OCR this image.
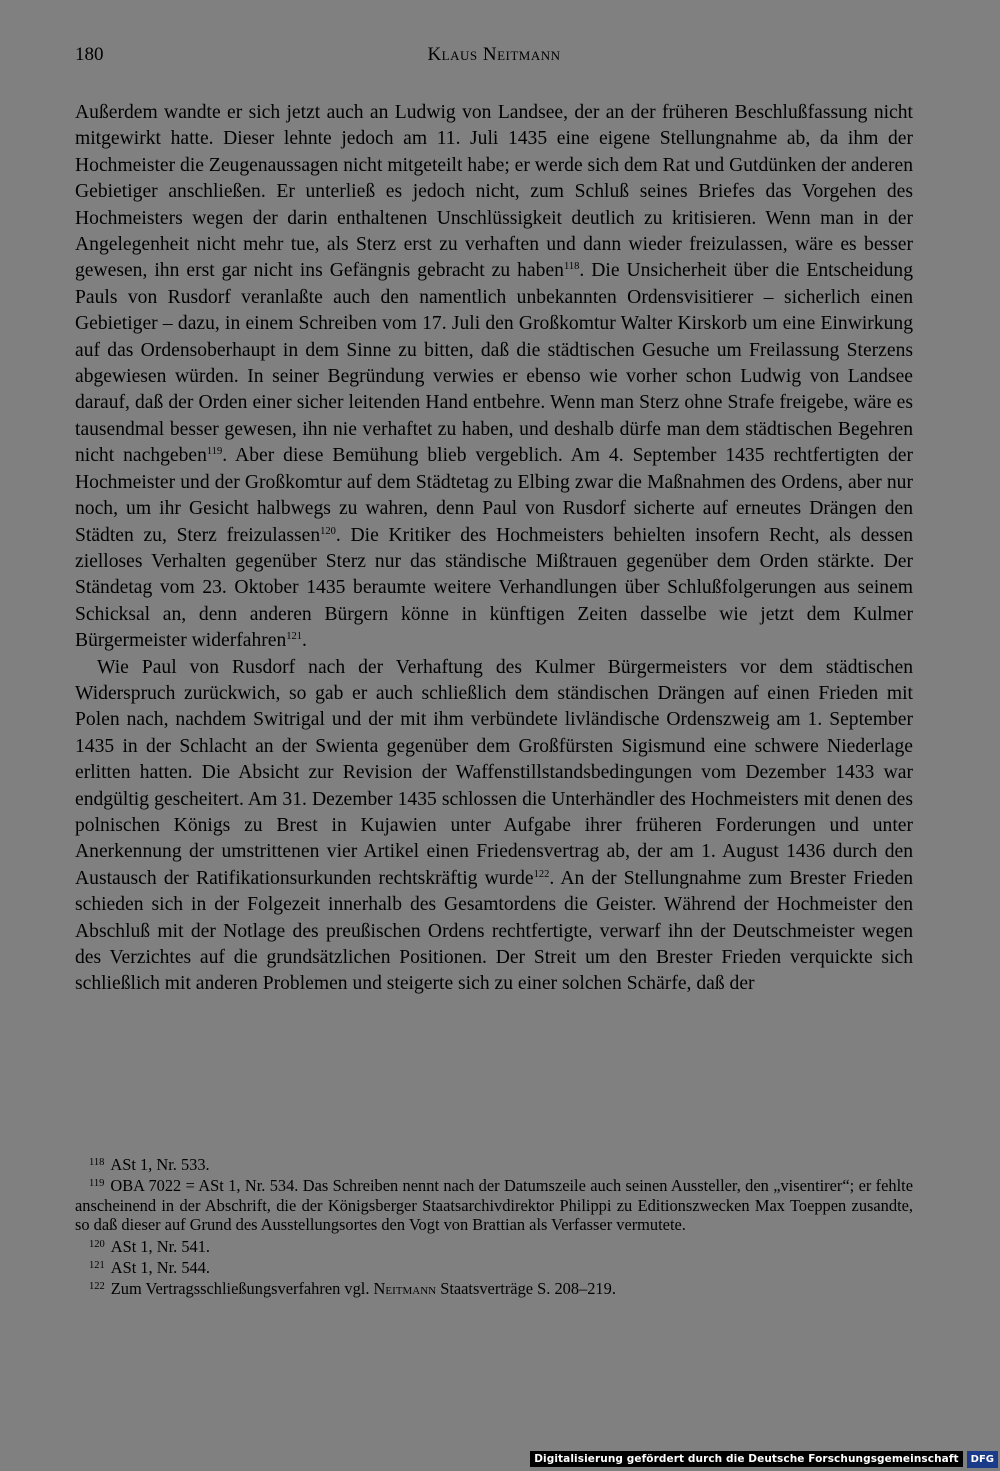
180	Klaus Neitmann

Außerdem wandte er sich jetzt auch an Ludwig von Landsee, der an der früheren Beschlußfassung nicht mitgewirkt hatte. Dieser lehnte jedoch am 11. Juli 1435 eine eigene Stellungnahme ab, da ihm der Hochmeister die Zeugenaussagen nicht mitgeteilt habe; er werde sich dem Rat und Gutdünken der anderen Gebietiger anschließen. Er unterließ es jedoch nicht, zum Schluß seines Briefes das Vorgehen des Hochmeisters wegen der darin enthaltenen Unschlüssigkeit deutlich zu kritisieren. Wenn man in der Angelegenheit nicht mehr tue, als Sterz erst zu verhaften und dann wieder freizulassen, wäre es besser gewesen, ihn erst gar nicht ins Gefängnis gebracht zu haben$^{118}$. Die Unsicherheit über die Entscheidung Pauls von Rusdorf veranlaßte auch den namentlich unbekannten Ordensvisitierer – sicherlich einen Gebietiger – dazu, in einem Schreiben vom 17. Juli den Großkomtur Walter Kirskorb um eine Einwirkung auf das Ordensoberhaupt in dem Sinne zu bitten, daß die städtischen Gesuche um Freilassung Sterzens abgewiesen würden. In seiner Begründung verwies er ebenso wie vorher schon Ludwig von Landsee darauf, daß der Orden einer sicher leitenden Hand entbehre. Wenn man Sterz ohne Strafe freigebe, wäre es tausendmal besser gewesen, ihn nie verhaftet zu haben, und deshalb dürfe man dem städtischen Begehren nicht nachgeben$^{119}$. Aber diese Bemühung blieb vergeblich. Am 4. September 1435 rechtfertigten der Hochmeister und der Großkomtur auf dem Städtetag zu Elbing zwar die Maßnahmen des Ordens, aber nur noch, um ihr Gesicht halbwegs zu wahren, denn Paul von Rusdorf sicherte auf erneutes Drängen den Städten zu, Sterz freizulassen$^{120}$. Die Kritiker des Hochmeisters behielten insofern Recht, als dessen zielloses Verhalten gegenüber Sterz nur das ständische Mißtrauen gegenüber dem Orden stärkte. Der Ständetag vom 23. Oktober 1435 beraumte weitere Verhandlungen über Schlußfolgerungen aus seinem Schicksal an, denn anderen Bürgern könne in künftigen Zeiten dasselbe wie jetzt dem Kulmer Bürgermeister widerfahren$^{121}$.

Wie Paul von Rusdorf nach der Verhaftung des Kulmer Bürgermeisters vor dem städtischen Widerspruch zurückwich, so gab er auch schließlich dem ständischen Drängen auf einen Frieden mit Polen nach, nachdem Switrigal und der mit ihm verbündete livländische Ordenszweig am 1. September 1435 in der Schlacht an der Swienta gegenüber dem Großfürsten Sigismund eine schwere Niederlage erlitten hatten. Die Absicht zur Revision der Waffenstillstandsbedingungen vom Dezember 1433 war endgültig gescheitert. Am 31. Dezember 1435 schlossen die Unterhändler des Hochmeisters mit denen des polnischen Königs zu Brest in Kujawien unter Aufgabe ihrer früheren Forderungen und unter Anerkennung der umstrittenen vier Artikel einen Friedensvertrag ab, der am 1. August 1436 durch den Austausch der Ratifikationsurkunden rechtskräftig wurde$^{122}$. An der Stellungnahme zum Brester Frieden schieden sich in der Folgezeit innerhalb des Gesamtordens die Geister. Während der Hochmeister den Abschluß mit der Notlage des preußischen Ordens rechtfertigte, verwarf ihn der Deutschmeister wegen des Verzichtes auf die grundsätzlichen Positionen. Der Streit um den Brester Frieden verquickte sich schließlich mit anderen Problemen und steigerte sich zu einer solchen Schärfe, daß der

$^{118}$ ASt 1, Nr. 533.
$^{119}$ OBA 7022 = ASt 1, Nr. 534. Das Schreiben nennt nach der Datumszeile auch seinen Aussteller, den „visentirer“; er fehlte anscheinend in der Abschrift, die der Königsberger Staatsarchivdirektor Philippi zu Editionszwecken Max Toeppen zusandte, so daß dieser auf Grund des Ausstellungsortes den Vogt von Brattian als Verfasser vermutete.
$^{120}$ ASt 1, Nr. 541.
$^{121}$ ASt 1, Nr. 544.
$^{122}$ Zum Vertragsschließungsverfahren vgl. Neitmann Staatsverträge S. 208–219.
Digitalisierung gefördert durch die Deutsche Forschungsgemeinschaft	DFG
